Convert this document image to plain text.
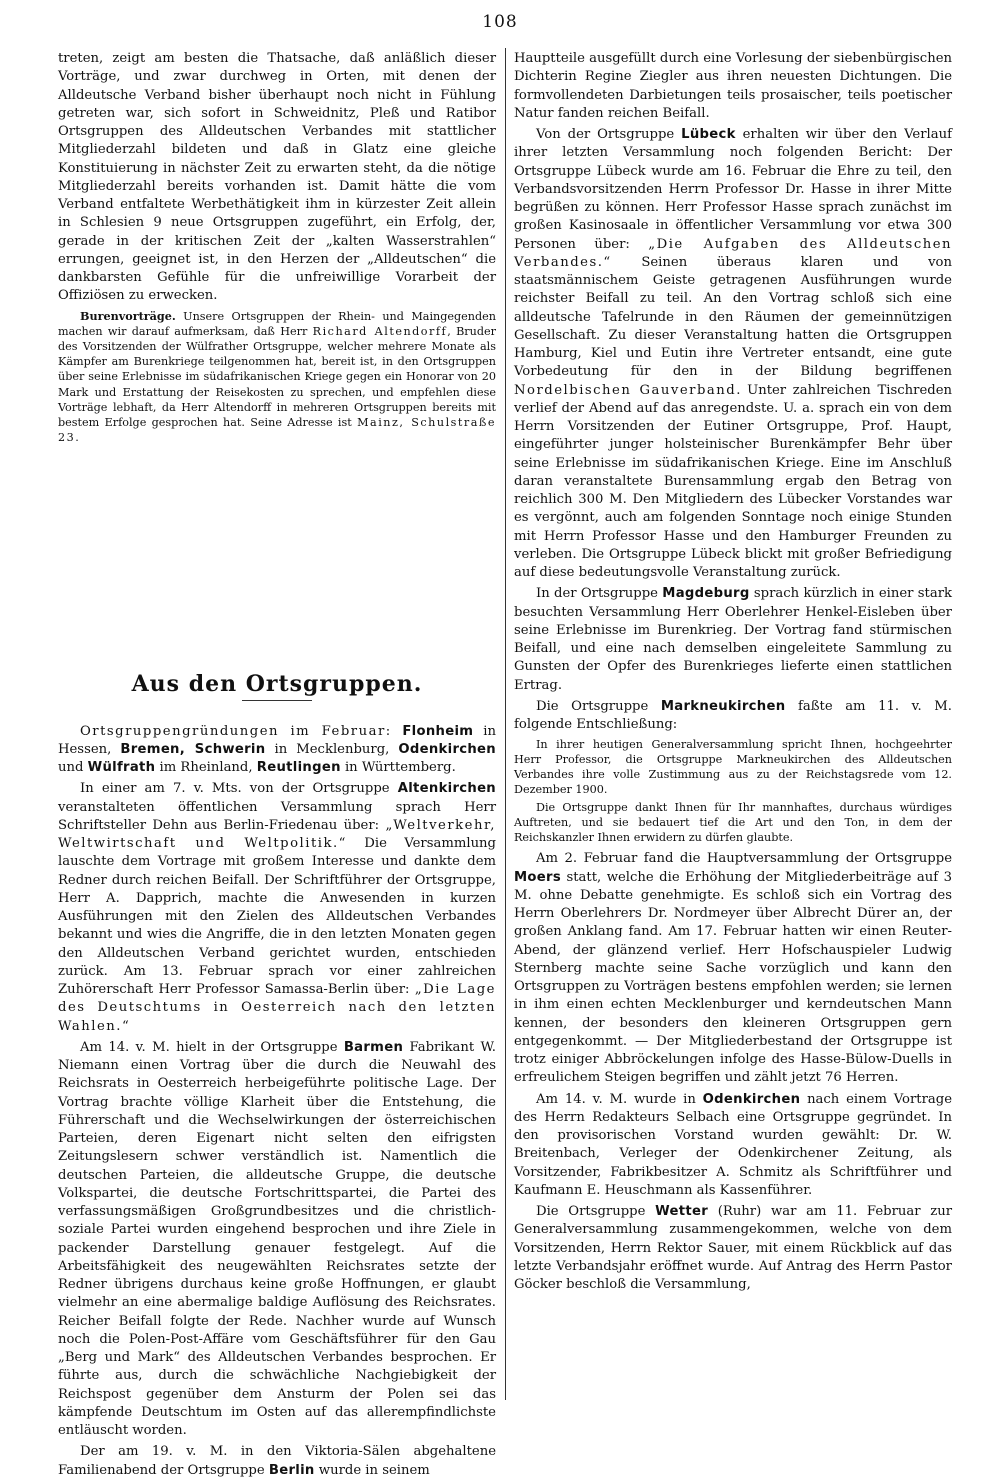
108

treten, zeigt am besten die Thatsache, daß anläßlich dieser Vorträge, und zwar durchweg in Orten, mit denen der Alldeutsche Verband bisher überhaupt noch nicht in Fühlung getreten war, sich sofort in Schweidnitz, Pleß und Ratibor Ortsgruppen des Alldeutschen Verbandes mit stattlicher Mitgliederzahl bildeten und daß in Glatz eine gleiche Konstituierung in nächster Zeit zu erwarten steht, da die nötige Mitgliederzahl bereits vorhanden ist. Damit hätte die vom Verband entfaltete Werbethätigkeit ihm in kürzester Zeit allein in Schlesien 9 neue Ortsgruppen zugeführt, ein Erfolg, der, gerade in der kritischen Zeit der „kalten Wasserstrahlen“ errungen, geeignet ist, in den Herzen der „Alldeutschen“ die dankbarsten Gefühle für die unfreiwillige Vorarbeit der Offiziösen zu erwecken.

Burenvorträge. Unsere Ortsgruppen der Rhein- und Maingegenden machen wir darauf aufmerksam, daß Herr Richard Altendorff, Bruder des Vorsitzenden der Wülfrather Ortsgruppe, welcher mehrere Monate als Kämpfer am Burenkriege teilgenommen hat, bereit ist, in den Ortsgruppen über seine Erlebnisse im südafrikanischen Kriege gegen ein Honorar von 20 Mark und Erstattung der Reisekosten zu sprechen, und empfehlen diese Vorträge lebhaft, da Herr Altendorff in mehreren Ortsgruppen bereits mit bestem Erfolge gesprochen hat. Seine Adresse ist Mainz, Schulstraße 23.

Aus den Ortsgruppen.

Ortsgruppengründungen im Februar: Flonheim in Hessen, Bremen, Schwerin in Mecklenburg, Odenkirchen und Wülfrath im Rheinland, Reutlingen in Württemberg.

In einer am 7. v. Mts. von der Ortsgruppe Altenkirchen veranstalteten öffentlichen Versammlung sprach Herr Schriftsteller Dehn aus Berlin-Friedenau über: „Weltverkehr, Weltwirtschaft und Weltpolitik.“ Die Versammlung lauschte dem Vortrage mit großem Interesse und dankte dem Redner durch reichen Beifall. Der Schriftführer der Ortsgruppe, Herr A. Dapprich, machte die Anwesenden in kurzen Ausführungen mit den Zielen des Alldeutschen Verbandes bekannt und wies die Angriffe, die in den letzten Monaten gegen den Alldeutschen Verband gerichtet wurden, entschieden zurück. Am 13. Februar sprach vor einer zahlreichen Zuhörerschaft Herr Professor Samassa-Berlin über: „Die Lage des Deutschtums in Oesterreich nach den letzten Wahlen.“

Am 14. v. M. hielt in der Ortsgruppe Barmen Fabrikant W. Niemann einen Vortrag über die durch die Neuwahl des Reichsrats in Oesterreich herbeigeführte politische Lage. Der Vortrag brachte völlige Klarheit über die Entstehung, die Führerschaft und die Wechselwirkungen der österreichischen Parteien, deren Eigenart nicht selten den eifrigsten Zeitungslesern schwer verständlich ist. Namentlich die deutschen Parteien, die alldeutsche Gruppe, die deutsche Volkspartei, die deutsche Fortschrittspartei, die Partei des verfassungsmäßigen Großgrundbesitzes und die christlich-soziale Partei wurden eingehend besprochen und ihre Ziele in packender Darstellung genauer festgelegt. Auf die Arbeitsfähigkeit des neugewählten Reichsrates setzte der Redner übrigens durchaus keine große Hoffnungen, er glaubt vielmehr an eine abermalige baldige Auflösung des Reichsrates. Reicher Beifall folgte der Rede. Nachher wurde auf Wunsch noch die Polen-Post-Affäre vom Geschäftsführer für den Gau „Berg und Mark“ des Alldeutschen Verbandes besprochen. Er führte aus, durch die schwächliche Nachgiebigkeit der Reichspost gegenüber dem Ansturm der Polen sei das kämpfende Deutschtum im Osten auf das allerempfindlichste entläuscht worden.

Der am 19. v. M. in den Viktoria-Sälen abgehaltene Familienabend der Ortsgruppe Berlin wurde in seinem

Hauptteile ausgefüllt durch eine Vorlesung der siebenbürgischen Dichterin Regine Ziegler aus ihren neuesten Dichtungen. Die formvollendeten Darbietungen teils prosaischer, teils poetischer Natur fanden reichen Beifall.

Von der Ortsgruppe Lübeck erhalten wir über den Verlauf ihrer letzten Versammlung noch folgenden Bericht: Der Ortsgruppe Lübeck wurde am 16. Februar die Ehre zu teil, den Verbandsvorsitzenden Herrn Professor Dr. Hasse in ihrer Mitte begrüßen zu können. Herr Professor Hasse sprach zunächst im großen Kasinosaale in öffentlicher Versammlung vor etwa 300 Personen über: „Die Aufgaben des Alldeutschen Verbandes.“ Seinen überaus klaren und von staatsmännischem Geiste getragenen Ausführungen wurde reichster Beifall zu teil. An den Vortrag schloß sich eine alldeutsche Tafelrunde in den Räumen der gemeinnützigen Gesellschaft. Zu dieser Veranstaltung hatten die Ortsgruppen Hamburg, Kiel und Eutin ihre Vertreter entsandt, eine gute Vorbedeutung für den in der Bildung begriffenen Nordelbischen Gauverband. Unter zahlreichen Tischreden verlief der Abend auf das anregendste. U. a. sprach ein von dem Herrn Vorsitzenden der Eutiner Ortsgruppe, Prof. Haupt, eingeführter junger holsteinischer Burenkämpfer Behr über seine Erlebnisse im südafrikanischen Kriege. Eine im Anschluß daran veranstaltete Burensammlung ergab den Betrag von reichlich 300 M. Den Mitgliedern des Lübecker Vorstandes war es vergönnt, auch am folgenden Sonntage noch einige Stunden mit Herrn Professor Hasse und den Hamburger Freunden zu verleben. Die Ortsgruppe Lübeck blickt mit großer Befriedigung auf diese bedeutungsvolle Veranstaltung zurück.

In der Ortsgruppe Magdeburg sprach kürzlich in einer stark besuchten Versammlung Herr Oberlehrer Henkel-Eisleben über seine Erlebnisse im Burenkrieg. Der Vortrag fand stürmischen Beifall, und eine nach demselben eingeleitete Sammlung zu Gunsten der Opfer des Burenkrieges lieferte einen stattlichen Ertrag.

Die Ortsgruppe Markneukirchen faßte am 11. v. M. folgende Entschließung:

In ihrer heutigen Generalversammlung spricht Ihnen, hochgeehrter Herr Professor, die Ortsgruppe Markneukirchen des Alldeutschen Verbandes ihre volle Zustimmung aus zu der Reichstagsrede vom 12. Dezember 1900.

Die Ortsgruppe dankt Ihnen für Ihr mannhaftes, durchaus würdiges Auftreten, und sie bedauert tief die Art und den Ton, in dem der Reichskanzler Ihnen erwidern zu dürfen glaubte.

Am 2. Februar fand die Hauptversammlung der Ortsgruppe Moers statt, welche die Erhöhung der Mitgliederbeiträge auf 3 M. ohne Debatte genehmigte. Es schloß sich ein Vortrag des Herrn Oberlehrers Dr. Nordmeyer über Albrecht Dürer an, der großen Anklang fand. Am 17. Februar hatten wir einen Reuter-Abend, der glänzend verlief. Herr Hofschauspieler Ludwig Sternberg machte seine Sache vorzüglich und kann den Ortsgruppen zu Vorträgen bestens empfohlen werden; sie lernen in ihm einen echten Mecklenburger und kerndeutschen Mann kennen, der besonders den kleineren Ortsgruppen gern entgegenkommt. — Der Mitgliederbestand der Ortsgruppe ist trotz einiger Abbröckelungen infolge des Hasse-Bülow-Duells in erfreulichem Steigen begriffen und zählt jetzt 76 Herren.

Am 14. v. M. wurde in Odenkirchen nach einem Vortrage des Herrn Redakteurs Selbach eine Ortsgruppe gegründet. In den provisorischen Vorstand wurden gewählt: Dr. W. Breitenbach, Verleger der Odenkirchener Zeitung, als Vorsitzender, Fabrikbesitzer A. Schmitz als Schriftführer und Kaufmann E. Heuschmann als Kassenführer.

Die Ortsgruppe Wetter (Ruhr) war am 11. Februar zur Generalversammlung zusammengekommen, welche von dem Vorsitzenden, Herrn Rektor Sauer, mit einem Rückblick auf das letzte Verbandsjahr eröffnet wurde. Auf Antrag des Herrn Pastor Göcker beschloß die Versammlung,
